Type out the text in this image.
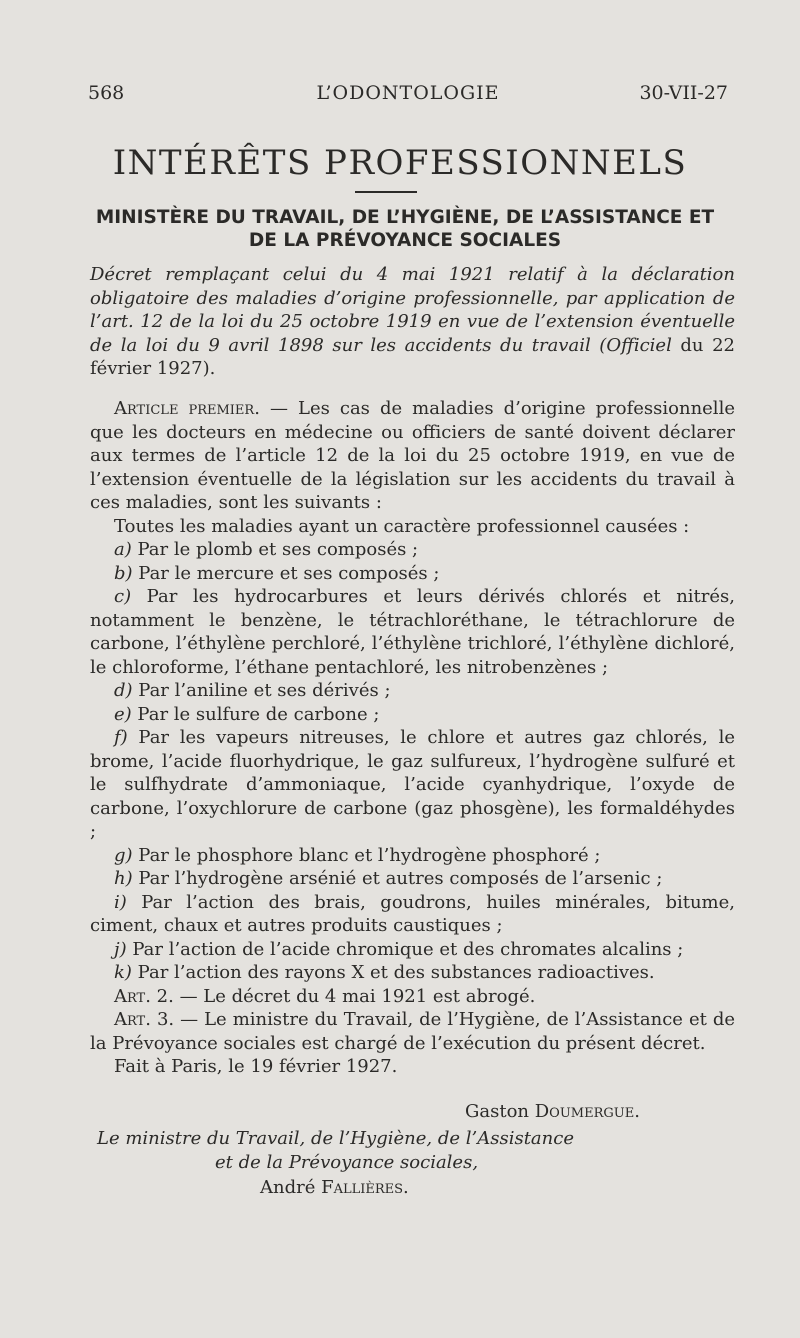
568	L’ODONTOLOGIE	30-VII-27
INTÉRÊTS PROFESSIONNELS
MINISTÈRE DU TRAVAIL, DE L’HYGIÈNE, DE L’ASSISTANCE ET DE LA PRÉVOYANCE SOCIALES
Décret remplaçant celui du 4 mai 1921 relatif à la déclaration obligatoire des maladies d’origine professionnelle, par application de l’art. 12 de la loi du 25 octobre 1919 en vue de l’extension éventuelle de la loi du 9 avril 1898 sur les accidents du travail (Officiel du 22 février 1927).

Article premier. — Les cas de maladies d’origine professionnelle que les docteurs en médecine ou officiers de santé doivent déclarer aux termes de l’article 12 de la loi du 25 octobre 1919, en vue de l’extension éventuelle de la législation sur les accidents du travail à ces maladies, sont les suivants :

Toutes les maladies ayant un caractère professionnel causées :

a) Par le plomb et ses composés ;

b) Par le mercure et ses composés ;

c) Par les hydrocarbures et leurs dérivés chlorés et nitrés, notamment le benzène, le tétrachloréthane, le tétrachlorure de carbone, l’éthylène perchloré, l’éthylène trichloré, l’éthylène dichloré, le chloroforme, l’éthane pentachloré, les nitrobenzènes ;

d) Par l’aniline et ses dérivés ;

e) Par le sulfure de carbone ;

f) Par les vapeurs nitreuses, le chlore et autres gaz chlorés, le brome, l’acide fluorhydrique, le gaz sulfureux, l’hydrogène sulfuré et le sulfhydrate d’ammoniaque, l’acide cyanhydrique, l’oxyde de carbone, l’oxychlorure de carbone (gaz phosgène), les formaldéhydes ;

g) Par le phosphore blanc et l’hydrogène phosphoré ;

h) Par l’hydrogène arsénié et autres composés de l’arsenic ;

i) Par l’action des brais, goudrons, huiles minérales, bitume, ciment, chaux et autres produits caustiques ;

j) Par l’action de l’acide chromique et des chromates alcalins ;

k) Par l’action des rayons X et des substances radioactives.

Art. 2. — Le décret du 4 mai 1921 est abrogé.

Art. 3. — Le ministre du Travail, de l’Hygiène, de l’Assistance et de la Prévoyance sociales est chargé de l’exécution du présent décret.

Fait à Paris, le 19 février 1927.

Gaston Doumergue.
Le ministre du Travail, de l’Hygiène, de l’Assistance
et de la Prévoyance sociales,
André Fallières.
